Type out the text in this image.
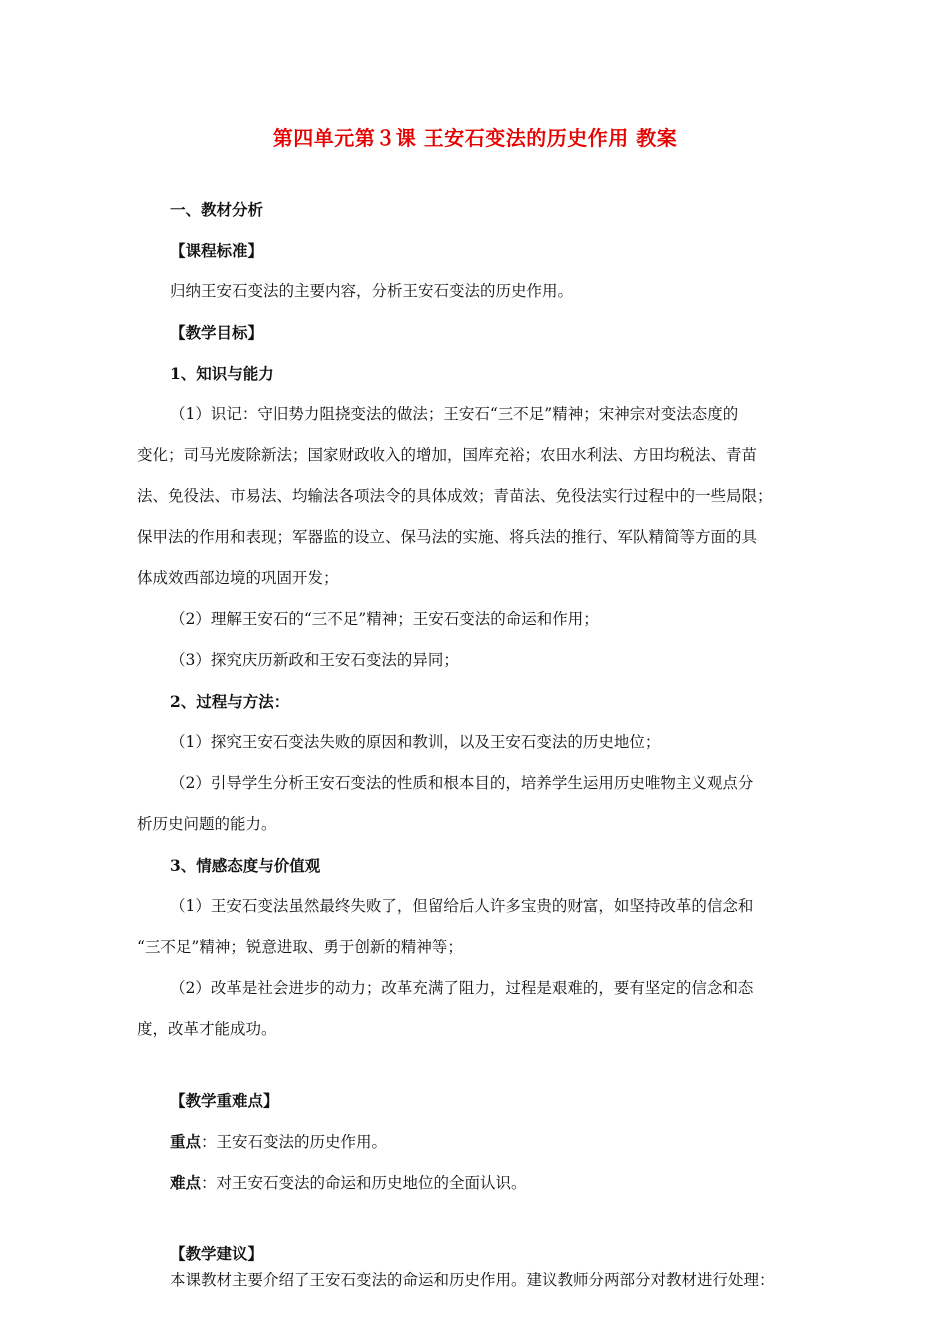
第四单元第３课 王安石变法的历史作用 教案

一、教材分析

【课程标准】

归纳王安石变法的主要内容，分析王安石变法的历史作用。

【教学目标】

1、知识与能力

（1）识记：守旧势力阻挠变法的做法；王安石“三不足”精神；宋神宗对变法态度的

变化；司马光废除新法；国家财政收入的增加，国库充裕；农田水利法、方田均税法、青苗

法、免役法、市易法、均输法各项法令的具体成效；青苗法、免役法实行过程中的一些局限；

保甲法的作用和表现；军器监的设立、保马法的实施、将兵法的推行、军队精简等方面的具

体成效西部边境的巩固开发；

（2）理解王安石的“三不足”精神；王安石变法的命运和作用；

（3）探究庆历新政和王安石变法的异同；

2、过程与方法：

（1）探究王安石变法失败的原因和教训，以及王安石变法的历史地位；

（2）引导学生分析王安石变法的性质和根本目的，培养学生运用历史唯物主义观点分

析历史问题的能力。

3、情感态度与价值观

（1）王安石变法虽然最终失败了，但留给后人许多宝贵的财富，如坚持改革的信念和

“三不足”精神；锐意进取、勇于创新的精神等；

（2）改革是社会进步的动力；改革充满了阻力，过程是艰难的，要有坚定的信念和态

度，改革才能成功。

【教学重难点】

重点：王安石变法的历史作用。

难点：对王安石变法的命运和历史地位的全面认识。

【教学建议】

本课教材主要介绍了王安石变法的命运和历史作用。建议教师分两部分对教材进行处理：
